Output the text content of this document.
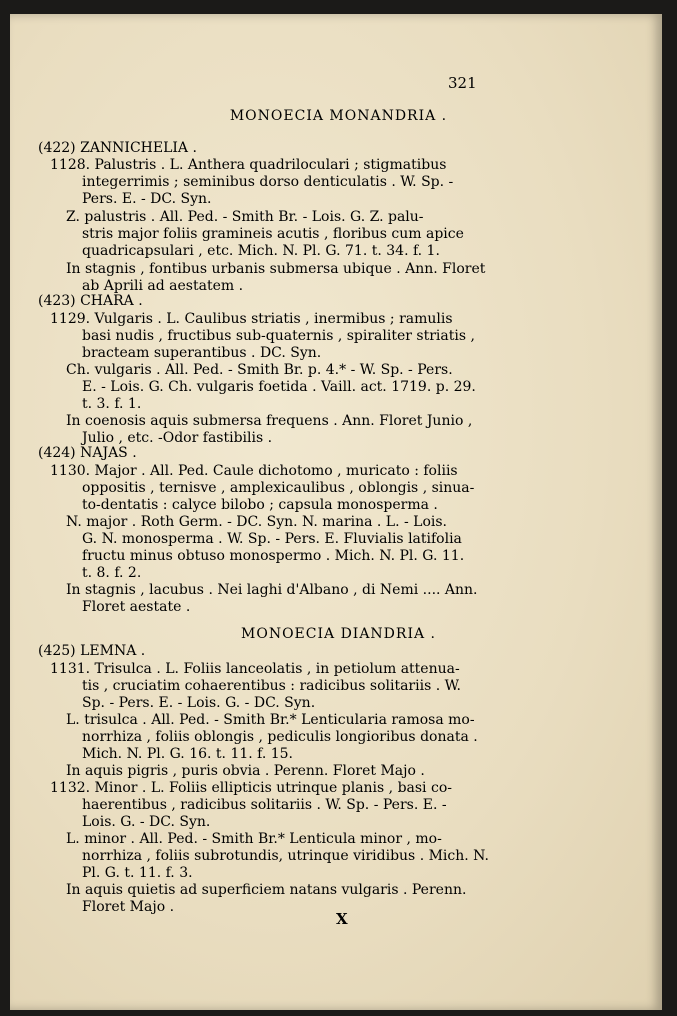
321
MONOECIA MONANDRIA .
MONOECIA DIANDRIA .
(422) ZANNICHELIA .
1128. Palustris . L. Anthera quadriloculari ; stigmatibus
integerrimis ; seminibus dorso denticulatis . W. Sp. -
Pers. E. - DC. Syn.
Z. palustris . All. Ped. - Smith Br. - Lois. G. Z. palu-
stris major foliis gramineis acutis , floribus cum apice
quadricapsulari , etc. Mich. N. Pl. G. 71. t. 34. f. 1.
In stagnis , fontibus urbanis submersa ubique . Ann. Floret
ab Aprili ad aestatem .
(423) CHARA .
1129. Vulgaris . L. Caulibus striatis , inermibus ; ramulis
basi nudis , fructibus sub-quaternis , spiraliter striatis ,
bracteam superantibus . DC. Syn.
Ch. vulgaris . All. Ped. - Smith Br. p. 4.* - W. Sp. - Pers.
E. - Lois. G. Ch. vulgaris foetida . Vaill. act. 1719. p. 29.
t. 3. f. 1.
In coenosis aquis submersa frequens . Ann. Floret Junio ,
Julio , etc. -Odor fastibilis .
(424) NAJAS .
1130. Major . All. Ped. Caule dichotomo , muricato : foliis
oppositis , ternisve , amplexicaulibus , oblongis , sinua-
to-dentatis : calyce bilobo ; capsula monosperma .
N. major . Roth Germ. - DC. Syn. N. marina . L. - Lois.
G. N. monosperma . W. Sp. - Pers. E. Fluvialis latifolia
fructu minus obtuso monospermo . Mich. N. Pl. G. 11.
t. 8. f. 2.
In stagnis , lacubus . Nei laghi d'Albano , di Nemi .... Ann.
Floret aestate .
(425) LEMNA .
1131. Trisulca . L. Foliis lanceolatis , in petiolum attenua-
tis , cruciatim cohaerentibus : radicibus solitariis . W.
Sp. - Pers. E. - Lois. G. - DC. Syn.
L. trisulca . All. Ped. - Smith Br.* Lenticularia ramosa mo-
norrhiza , foliis oblongis , pediculis longioribus donata .
Mich. N. Pl. G. 16. t. 11. f. 15.
In aquis pigris , puris obvia . Perenn. Floret Majo .
1132. Minor . L. Foliis ellipticis utrinque planis , basi co-
haerentibus , radicibus solitariis . W. Sp. - Pers. E. -
Lois. G. - DC. Syn.
L. minor . All. Ped. - Smith Br.* Lenticula minor , mo-
norrhiza , foliis subrotundis, utrinque viridibus . Mich. N.
Pl. G. t. 11. f. 3.
In aquis quietis ad superficiem natans vulgaris . Perenn.
Floret Majo .
X
